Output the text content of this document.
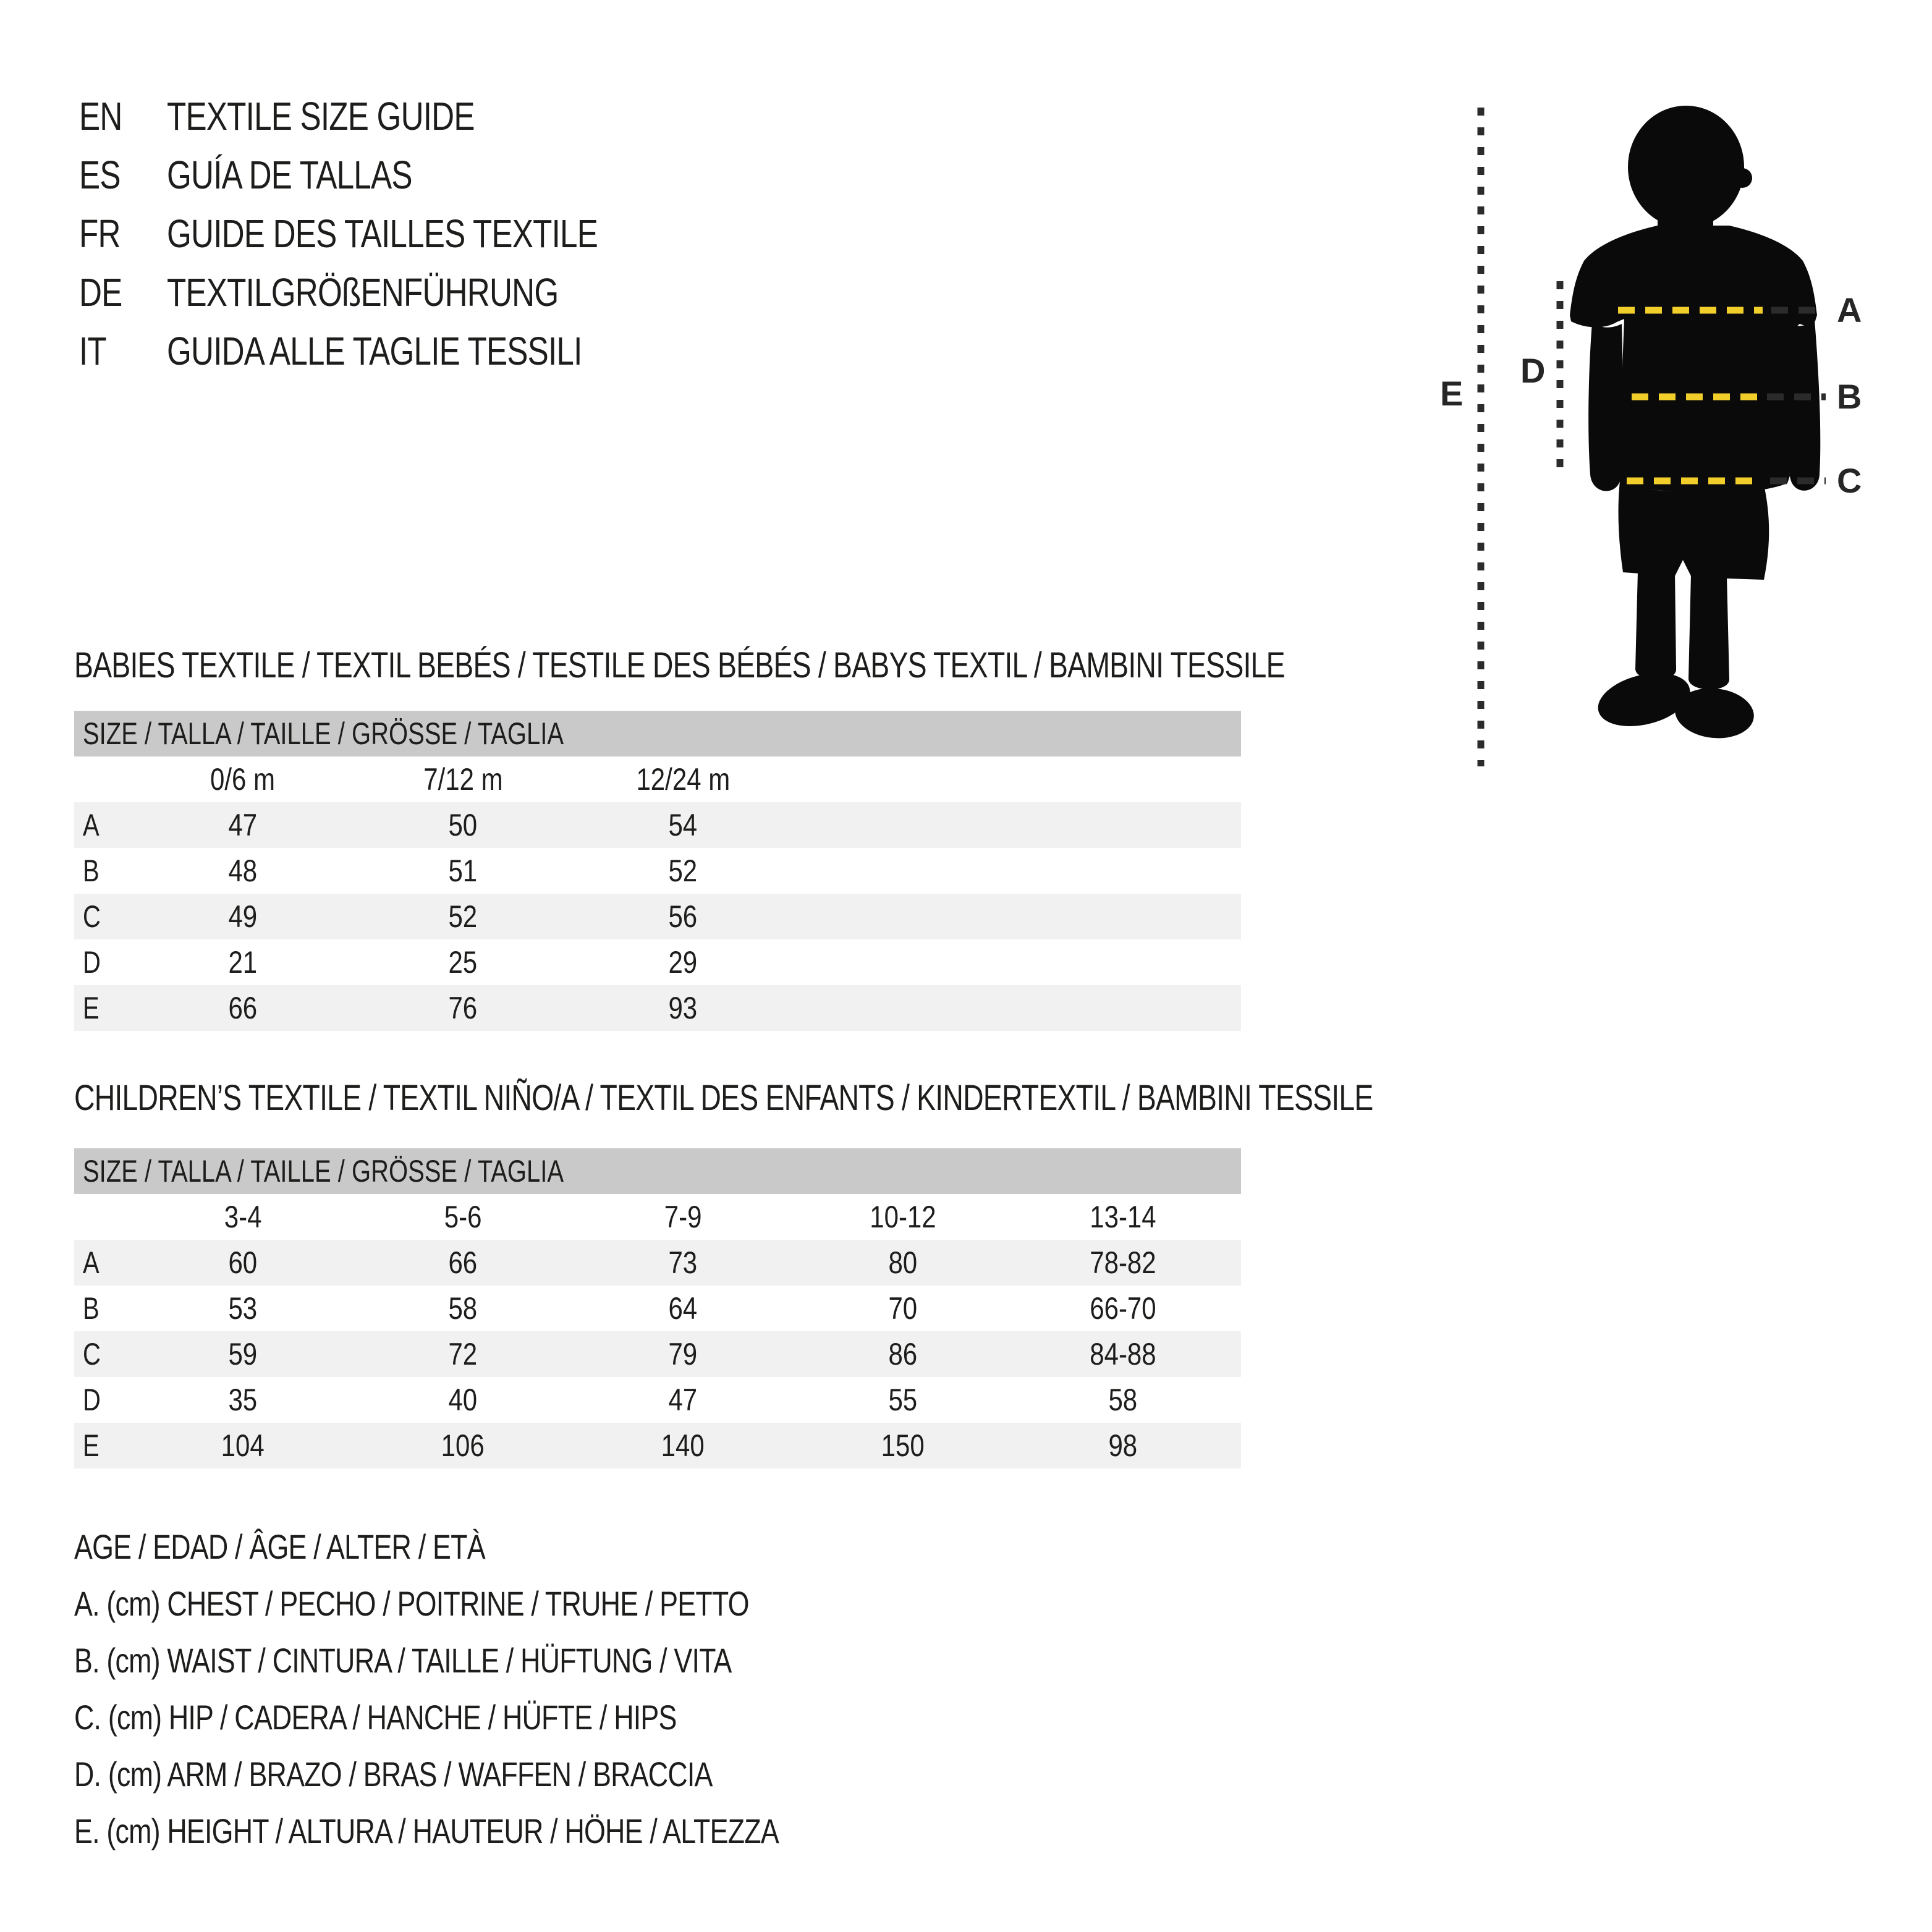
EN	TEXTILE SIZE GUIDE
ES	GUÍA DE TALLAS
FR	GUIDE DES TAILLES TEXTILE
DE	TEXTILGRÖßENFÜHRUNG
IT	GUIDA ALLE TAGLIE TESSILI
BABIES TEXTILE / TEXTIL BEBÉS / TESTILE DES BÉBÉS / BABYS TEXTIL / BAMBINI TESSILE
SIZE / TALLA / TAILLE / GRÖSSE / TAGLIA
0/6 m	7/12 m	12/24 m
A	47	50	54
B	48	51	52
C	49	52	56
D	21	25	29
E	66	76	93
CHILDREN’S TEXTILE / TEXTIL NIÑO/A / TEXTIL DES ENFANTS / KINDERTEXTIL / BAMBINI TESSILE
SIZE / TALLA / TAILLE / GRÖSSE / TAGLIA
3-4	5-6	7-9	10-12	13-14
A	60	66	73	80	78-82
B	53	58	64	70	66-70
C	59	72	79	86	84-88
D	35	40	47	55	58
E	104	106	140	150	98
AGE / EDAD / ÂGE / ALTER / ETÀ
A. (cm) CHEST / PECHO / POITRINE / TRUHE / PETTO
B. (cm) WAIST / CINTURA / TAILLE / HÜFTUNG / VITA
C. (cm) HIP / CADERA / HANCHE / HÜFTE / HIPS
D. (cm) ARM / BRAZO / BRAS / WAFFEN / BRACCIA
E. (cm) HEIGHT / ALTURA / HAUTEUR / HÖHE / ALTEZZA
A
B
C
D
E
